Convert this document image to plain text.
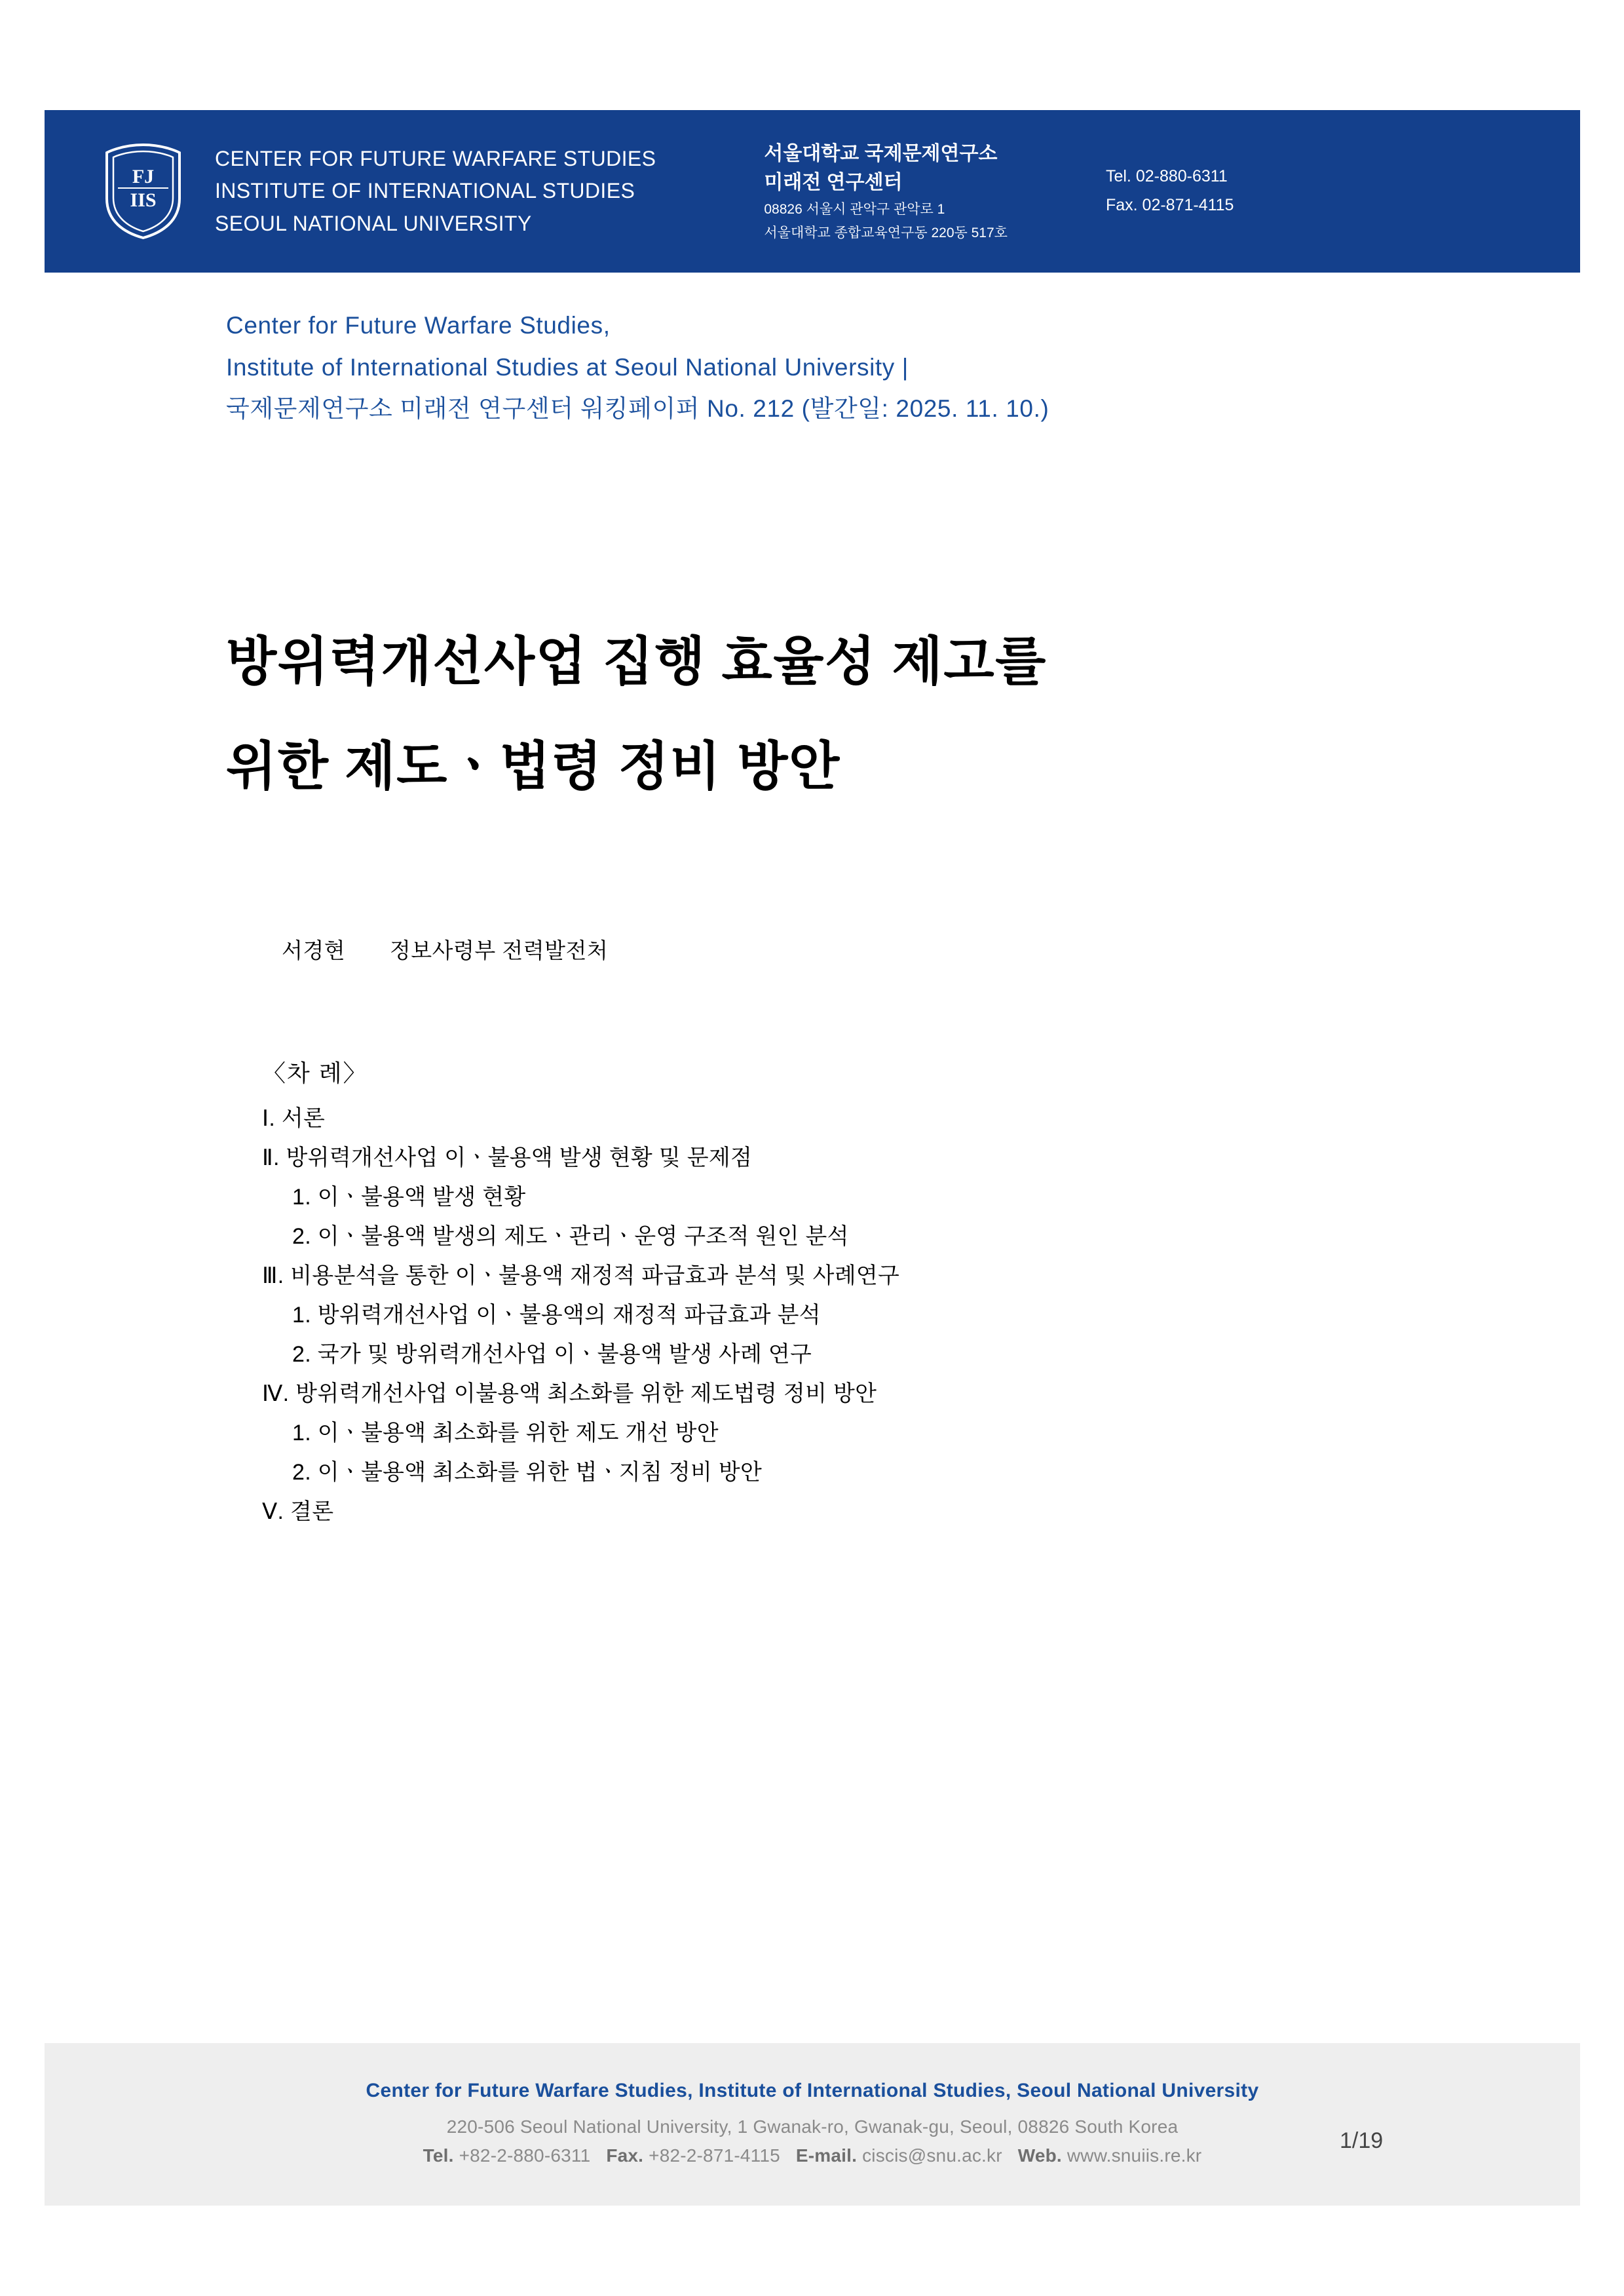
FJ
IIS
CENTER FOR FUTURE WARFARE STUDIES
INSTITUTE OF INTERNATIONAL STUDIES
SEOUL NATIONAL UNIVERSITY
서울대학교 국제문제연구소
미래전 연구센터
08826 서울시 관악구 관악로 1
서울대학교 종합교육연구동 220동 517호
Tel. 02-880-6311
Fax. 02-871-4115
Center for Future Warfare Studies,
Institute of International Studies at Seoul National University |
국제문제연구소 미래전 연구센터 워킹페이퍼 No. 212 (발간일: 2025. 11. 10.)
방위력개선사업 집행 효율성 제고를
위한 제도ㆍ법령 정비 방안
서경현 정보사령부 전력발전처
〈차 례〉
Ⅰ. 서론
Ⅱ. 방위력개선사업 이ㆍ불용액 발생 현황 및 문제점
1. 이ㆍ불용액 발생 현황
2. 이ㆍ불용액 발생의 제도ㆍ관리ㆍ운영 구조적 원인 분석
Ⅲ. 비용분석을 통한 이ㆍ불용액 재정적 파급효과 분석 및 사례연구
1. 방위력개선사업 이ㆍ불용액의 재정적 파급효과 분석
2. 국가 및 방위력개선사업 이ㆍ불용액 발생 사례 연구
Ⅳ. 방위력개선사업 이불용액 최소화를 위한 제도법령 정비 방안
1. 이ㆍ불용액 최소화를 위한 제도 개선 방안
2. 이ㆍ불용액 최소화를 위한 법ㆍ지침 정비 방안
Ⅴ. 결론
Center for Future Warfare Studies, Institute of International Studies, Seoul National University
220-506 Seoul National University, 1 Gwanak-ro, Gwanak-gu, Seoul, 08826 South Korea
Tel. +82-2-880-6311 Fax. +82-2-871-4115 E-mail. ciscis@snu.ac.kr Web. www.snuiis.re.kr
1/19
